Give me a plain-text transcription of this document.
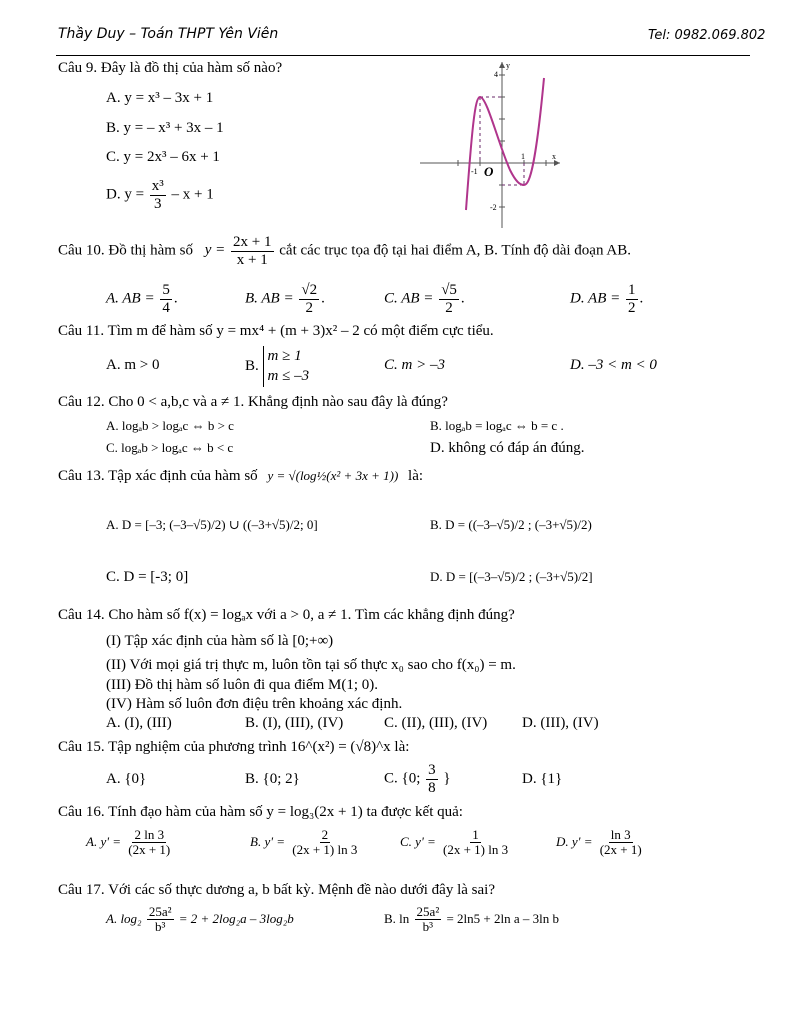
Thầy Duy – Toán THPT Yên Viên	Tel: 0982.069.802
Câu 9. Đây là đồ thị của hàm số nào?
A. y = x³ – 3x + 1
B. y = – x³ + 3x – 1
C. y = 2x³ – 6x + 1
D. $y = \frac{\text{x³}}{3} - x + 1$
4
y
x
-1 O
1
-2
Câu 10. Đồ thị hàm số $y = \frac{2x + 1}{x + 1}$ cắt các trục tọa độ tại hai điểm A, B. Tính độ dài đoạn AB.
A. AB = $\frac{5}{4}$ .	B. AB = $\frac{√2}{2}$ .	C. AB = $\frac{√5}{2}$ .	D. AB = $\frac{1}{2}$ .
Câu 11. Tìm m để hàm số y = mx⁴ + (m + 3)x² – 2 có một điểm cực tiểu.
A. m > 0	B.
m ≥ 1
m ≤ –3
C. m > –3	D. –3 < m < 0
Câu 12. Cho 0 < a,b,c và a ≠ 1. Khẳng định nào sau đây là đúng?
A. logₐb > logₐc ⇔ b > c	B. logₐb = logₐc ⇔ b = c .
C. logₐb > logₐc ⇔ b < c	D. không có đáp án đúng.
Câu 13. Tập xác định của hàm số y = √(log½(x² + 3x + 1)) là:
A. D = [–3; (–3–√5)/2) ∪ ((–3+√5)/2; 0]	B. D = ((–3–√5)/2 ; (–3+√5)/2)
C. D = [-3; 0]	D. D = [(–3–√5)/2 ; (–3+√5)/2]
Câu 14. Cho hàm số f(x) = logₐx với a > 0, a ≠ 1. Tìm các khẳng định đúng?
(I) Tập xác định của hàm số là [0;+∞)
(II) Với mọi giá trị thực m, luôn tồn tại số thực x₀ sao cho f(x₀) = m.
(III) Đồ thị hàm số luôn đi qua điểm M(1; 0).
(IV) Hàm số luôn đơn điệu trên khoảng xác định.
A. (I), (III)	B. (I), (III), (IV)	C. (II), (III), (IV) D. (III), (IV)
Câu 15. Tập nghiệm của phương trình 16^(x²) = (√8)^x là:
A. {0}	B. {0; 2}	C. {0; $\frac{3}{8}$ }	D. {1}
Câu 16. Tính đạo hàm của hàm số y = log₃(2x + 1) ta được kết quả:
A. $y' = \frac{2 \ln 3}{(2x + 1)}$	B. $y' = \frac{2}{(2x + 1) \ln 3}$	C. $y' = \frac{1}{(2x + 1) \ln 3}$	D. $y' = \frac{\ln 3}{(2x + 1)}$
Câu 17. Với các số thực dương a, b bất kỳ. Mệnh đề nào dưới đây là sai?
A. $\log_2 \frac{\text{25a²}}{\text{b³}} = 2 + 2\log_2a - 3\log_2b$	B. $\ln \frac{\text{25a²}}{\text{b³}} = 2\ln 5 + 2\ln$ a – 3ln b
